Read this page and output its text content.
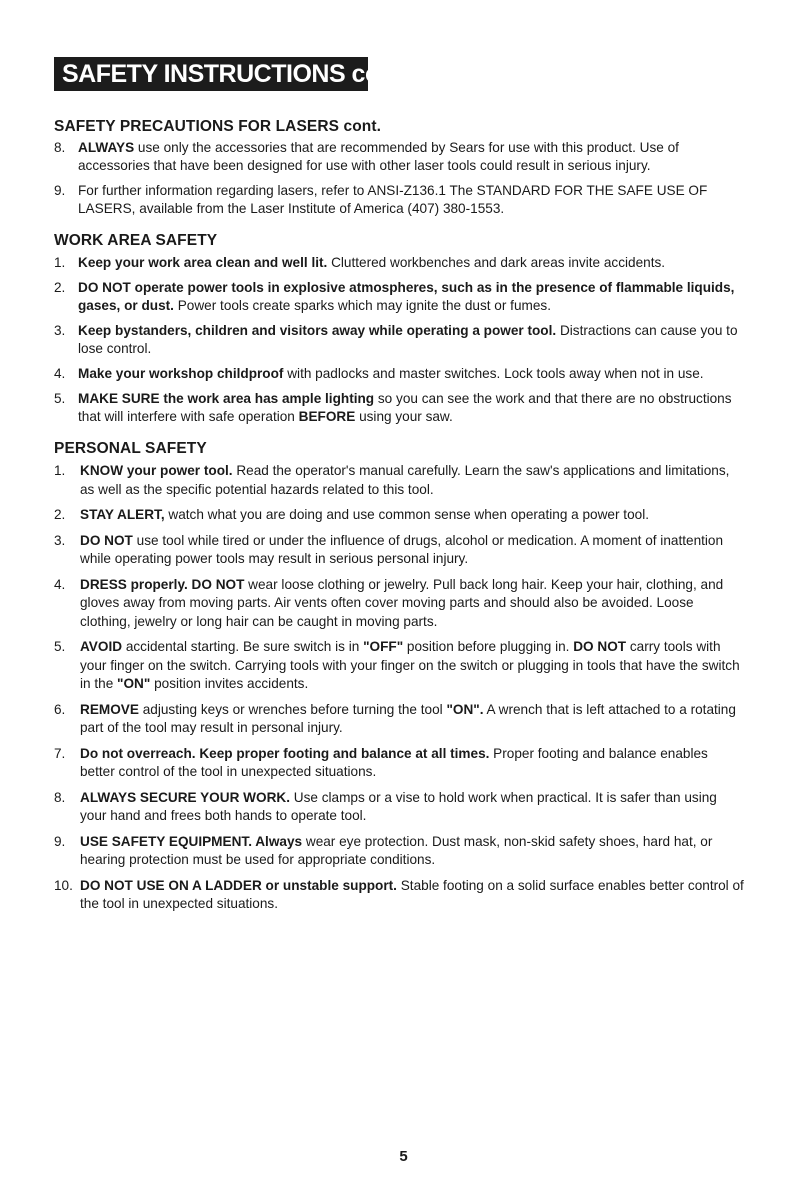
SAFETY INSTRUCTIONS cont.
SAFETY PRECAUTIONS FOR LASERS cont.
8. ALWAYS use only the accessories that are recommended by Sears for use with this product. Use of accessories that have been designed for use with other laser tools could result in serious injury.
9. For further information regarding lasers, refer to ANSI-Z136.1 The STANDARD FOR THE SAFE USE OF LASERS, available from the Laser Institute of America (407) 380-1553.
WORK AREA SAFETY
1. Keep your work area clean and well lit. Cluttered workbenches and dark areas invite accidents.
2. DO NOT operate power tools in explosive atmospheres, such as in the presence of flammable liquids, gases, or dust. Power tools create sparks which may ignite the dust or fumes.
3. Keep bystanders, children and visitors away while operating a power tool. Distractions can cause you to lose control.
4. Make your workshop childproof with padlocks and master switches. Lock tools away when not in use.
5. MAKE SURE the work area has ample lighting so you can see the work and that there are no obstructions that will interfere with safe operation BEFORE using your saw.
PERSONAL SAFETY
1.	KNOW your power tool. Read the operator's manual carefully. Learn the saw's applications and limitations, as well as the specific potential hazards related to this tool.
2.	STAY ALERT, watch what you are doing and use common sense when operating a power tool.
3.	DO NOT use tool while tired or under the influence of drugs, alcohol or medication. A moment of inattention while operating power tools may result in serious personal injury.
4.	DRESS properly. DO NOT wear loose clothing or jewelry. Pull back long hair. Keep your hair, clothing, and gloves away from moving parts. Air vents often cover moving parts and should also be avoided. Loose clothing, jewelry or long hair can be caught in moving parts.
5.	AVOID accidental starting. Be sure switch is in "OFF" position before plugging in. DO NOT carry tools with your finger on the switch. Carrying tools with your finger on the switch or plugging in tools that have the switch in the "ON" position invites accidents.
6.	REMOVE adjusting keys or wrenches before turning the tool "ON". A wrench that is left attached to a rotating part of the tool may result in personal injury.
7.	Do not overreach. Keep proper footing and balance at all times. Proper footing and balance enables better control of the tool in unexpected situations.
8.	ALWAYS SECURE YOUR WORK. Use clamps or a vise to hold work when practical. It is safer than using your hand and frees both hands to operate tool.
9.	USE SAFETY EQUIPMENT. Always wear eye protection. Dust mask, non-skid safety shoes, hard hat, or hearing protection must be used for appropriate conditions.
10. DO NOT USE ON A LADDER or unstable support. Stable footing on a solid surface enables better control of the tool in unexpected situations.
5
